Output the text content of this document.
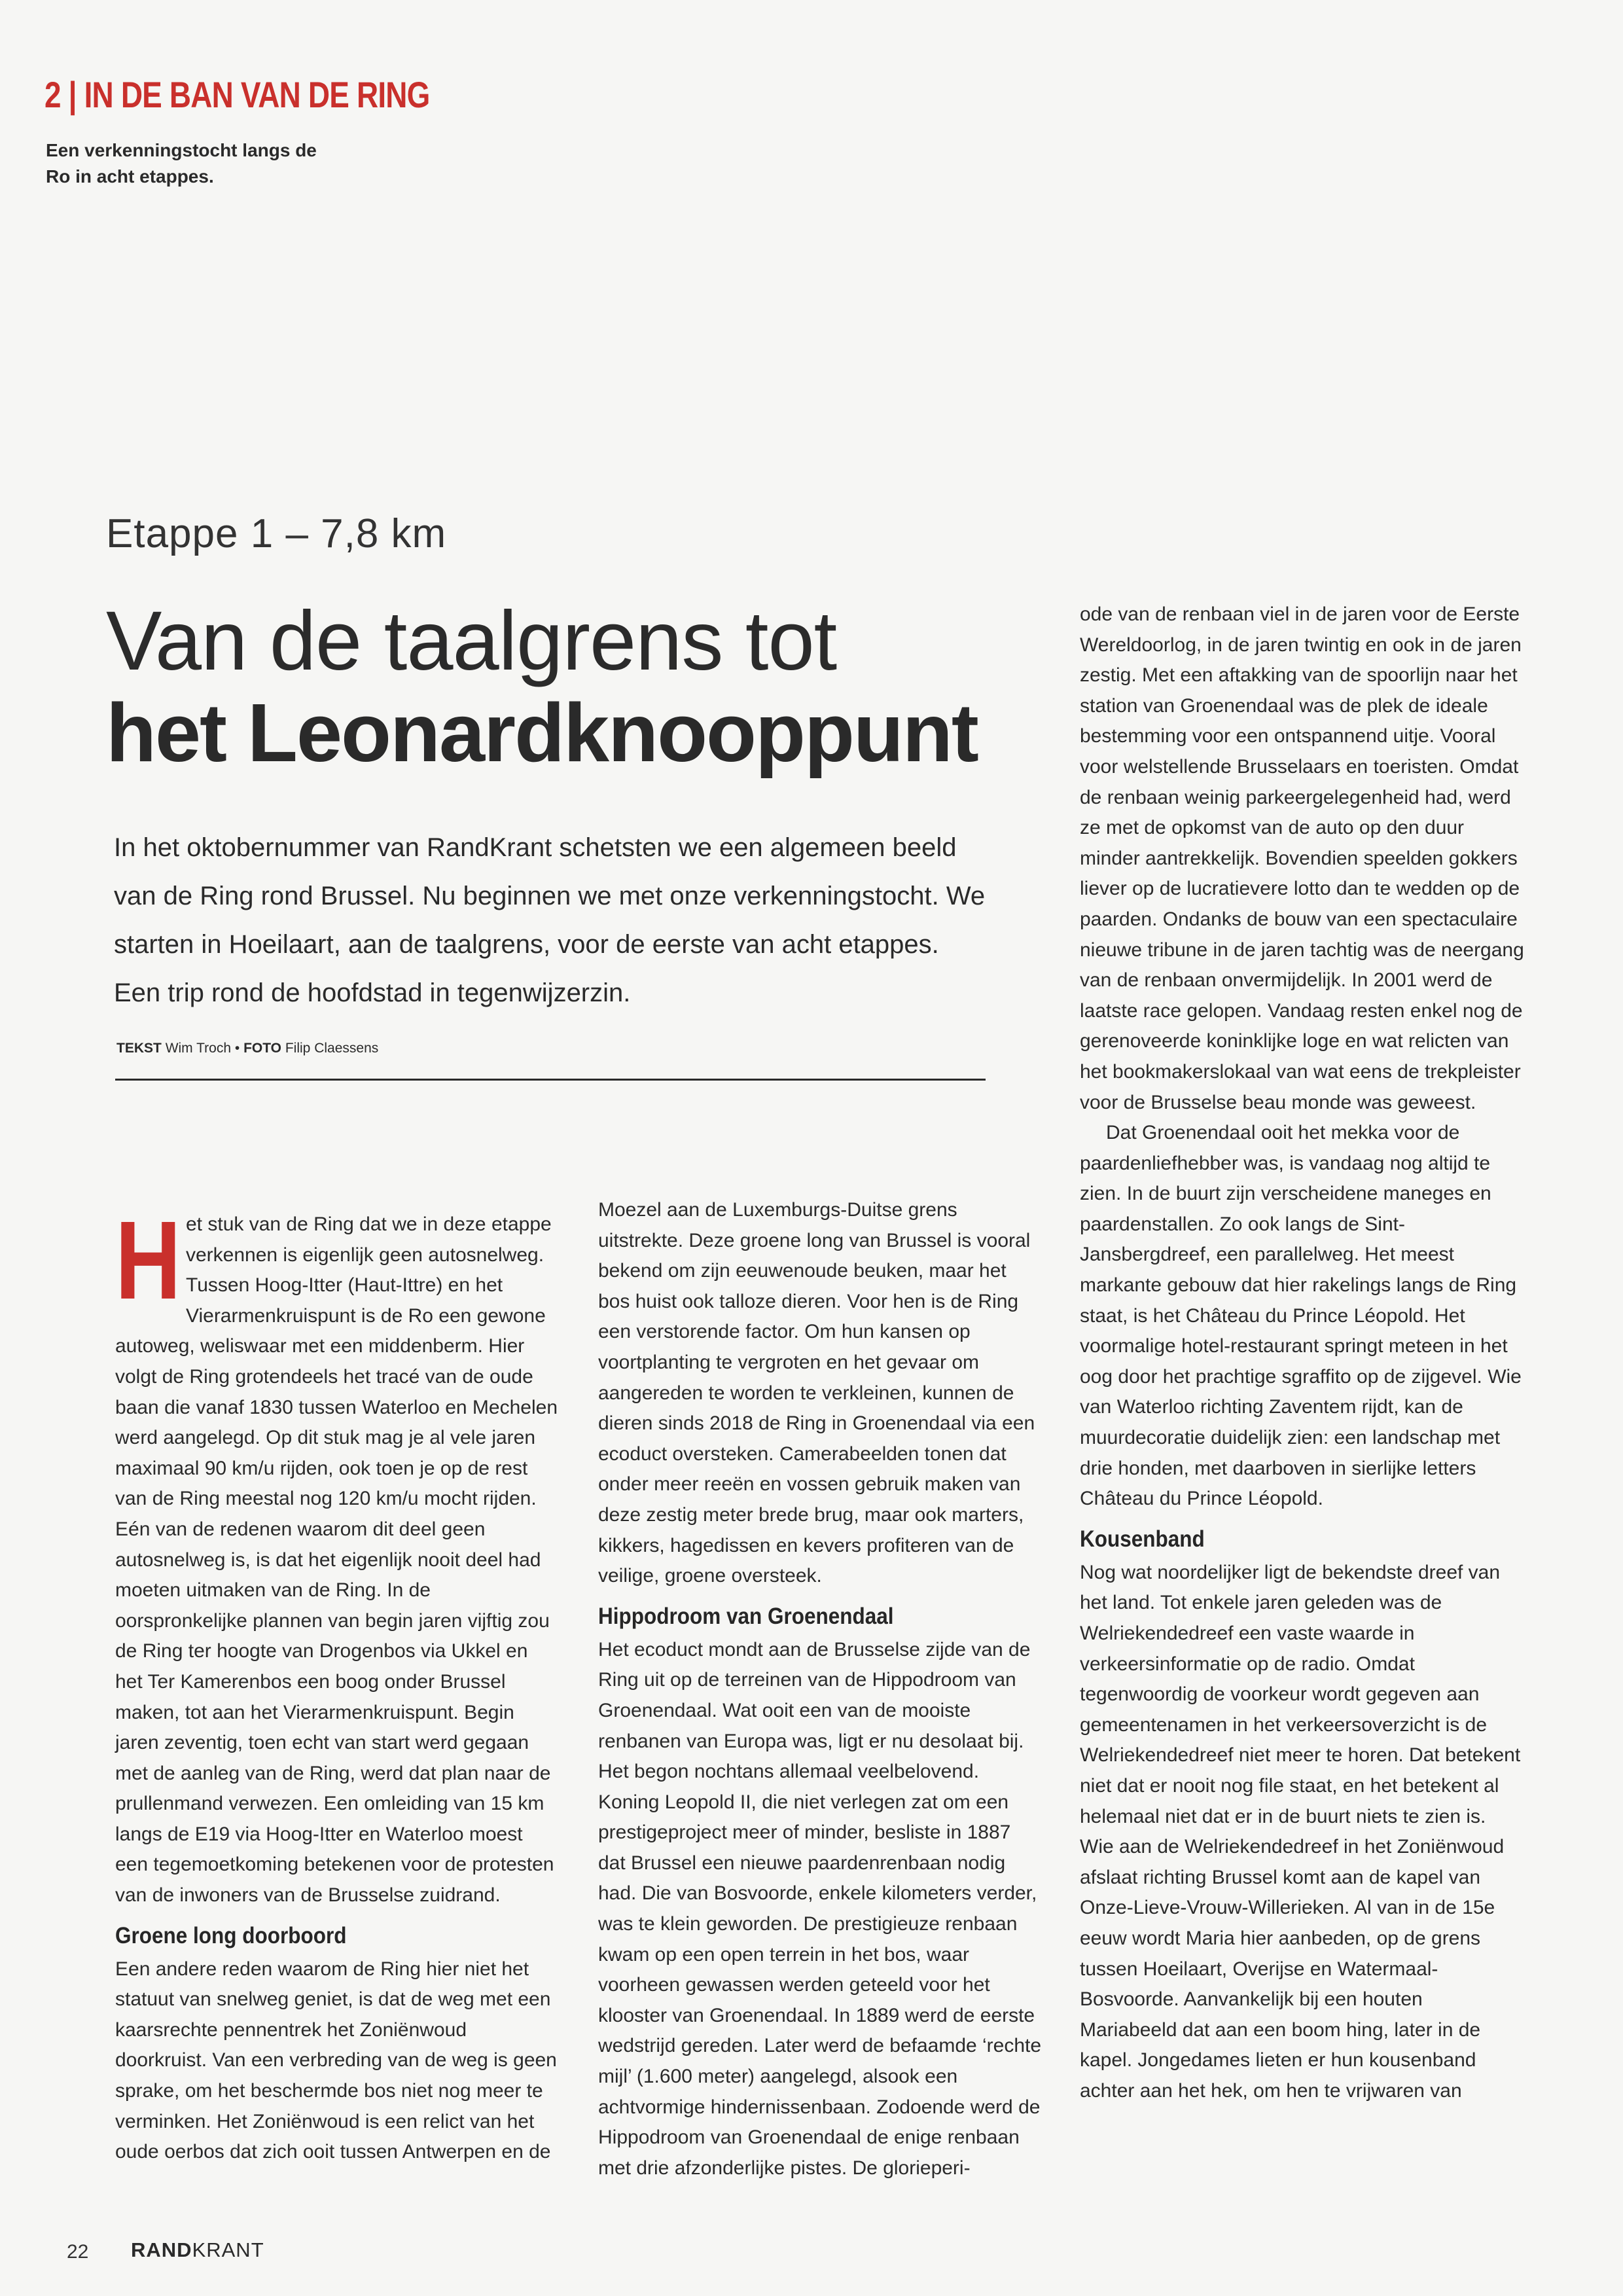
2 | IN DE BAN VAN DE RING
Een verkenningstocht langs de Ro in acht etappes.
Etappe 1 – 7,8 km
Van de taalgrens tot
het Leonardknooppunt
In het oktobernummer van RandKrant schetsten we een algemeen beeld van de Ring rond Brussel. Nu beginnen we met onze verkenningstocht. We starten in Hoeilaart, aan de taalgrens, voor de eerste van acht etappes. Een trip rond de hoofdstad in tegenwijzerzin.
TEKST Wim Troch • FOTO Filip Claessens

H et stuk van de Ring dat we in deze etappe verkennen is eigenlijk geen autosnelweg. Tussen Hoog-Itter (Haut-Ittre) en het Vierarmenkruispunt is de Ro een gewone autoweg, weliswaar met een middenberm. Hier volgt de Ring grotendeels het tracé van de oude baan die vanaf 1830 tussen Waterloo en Mechelen werd aangelegd. Op dit stuk mag je al vele jaren maximaal 90 km/u rijden, ook toen je op de rest van de Ring meestal nog 120 km/u mocht rijden. Eén van de redenen waarom dit deel geen autosnelweg is, is dat het eigenlijk nooit deel had moeten uitmaken van de Ring. In de oorspronkelijke plannen van begin jaren vijftig zou de Ring ter hoogte van Drogenbos via Ukkel en het Ter Kamerenbos een boog onder Brussel maken, tot aan het Vierarmenkruispunt. Begin jaren zeventig, toen echt van start werd gegaan met de aanleg van de Ring, werd dat plan naar de prullenmand verwezen. Een omleiding van 15 km langs de E19 via Hoog-Itter en Waterloo moest een tegemoetkoming betekenen voor de protesten van de inwoners van de Brusselse zuidrand.

Groene long doorboord

Een andere reden waarom de Ring hier niet het statuut van snelweg geniet, is dat de weg met een kaarsrechte pennentrek het Zoniënwoud doorkruist. Van een verbreding van de weg is geen sprake, om het beschermde bos niet nog meer te verminken. Het Zoniënwoud is een relict van het oude oerbos dat zich ooit tussen Antwerpen en de

Moezel aan de Luxemburgs-Duitse grens uitstrekte. Deze groene long van Brussel is vooral bekend om zijn eeuwenoude beuken, maar het bos huist ook talloze dieren. Voor hen is de Ring een verstorende factor. Om hun kansen op voortplanting te vergroten en het gevaar om aangereden te worden te verkleinen, kunnen de dieren sinds 2018 de Ring in Groenendaal via een ecoduct oversteken. Camerabeelden tonen dat onder meer reeën en vossen gebruik maken van deze zestig meter brede brug, maar ook marters, kikkers, hagedissen en kevers profiteren van de veilige, groene oversteek.

Hippodroom van Groenendaal

Het ecoduct mondt aan de Brusselse zijde van de Ring uit op de terreinen van de Hippodroom van Groenendaal. Wat ooit een van de mooiste renbanen van Europa was, ligt er nu desolaat bij. Het begon nochtans allemaal veelbelovend. Koning Leopold II, die niet verlegen zat om een prestigeproject meer of minder, besliste in 1887 dat Brussel een nieuwe paardenrenbaan nodig had. Die van Bosvoorde, enkele kilometers verder, was te klein geworden. De prestigieuze renbaan kwam op een open terrein in het bos, waar voorheen gewassen werden geteeld voor het klooster van Groenendaal. In 1889 werd de eerste wedstrijd gereden. Later werd de befaamde ‘rechte mijl’ (1.600 meter) aangelegd, alsook een achtvormige hindernissenbaan. Zodoende werd de Hippodroom van Groenendaal de enige renbaan met drie afzonderlijke pistes. De glorieperi-

ode van de renbaan viel in de jaren voor de Eerste Wereldoorlog, in de jaren twintig en ook in de jaren zestig. Met een aftakking van de spoorlijn naar het station van Groenendaal was de plek de ideale bestemming voor een ontspannend uitje. Vooral voor welstellende Brusselaars en toeristen. Omdat de renbaan weinig parkeergelegenheid had, werd ze met de opkomst van de auto op den duur minder aantrekkelijk. Bovendien speelden gokkers liever op de lucratievere lotto dan te wedden op de paarden. Ondanks de bouw van een spectaculaire nieuwe tribune in de jaren tachtig was de neergang van de renbaan onvermijdelijk. In 2001 werd de laatste race gelopen. Vandaag resten enkel nog de gerenoveerde koninklijke loge en wat relicten van het bookmakerslokaal van wat eens de trekpleister voor de Brusselse beau monde was geweest.

Dat Groenendaal ooit het mekka voor de paardenliefhebber was, is vandaag nog altijd te zien. In de buurt zijn verscheidene maneges en paardenstallen. Zo ook langs de Sint-Jansbergdreef, een parallelweg. Het meest markante gebouw dat hier rakelings langs de Ring staat, is het Château du Prince Léopold. Het voormalige hotel-restaurant springt meteen in het oog door het prachtige sgraffito op de zijgevel. Wie van Waterloo richting Zaventem rijdt, kan de muurdecoratie duidelijk zien: een landschap met drie honden, met daarboven in sierlijke letters Château du Prince Léopold.

Kousenband

Nog wat noordelijker ligt de bekendste dreef van het land. Tot enkele jaren geleden was de Welriekendedreef een vaste waarde in verkeersinformatie op de radio. Omdat tegenwoordig de voorkeur wordt gegeven aan gemeentenamen in het verkeersoverzicht is de Welriekendedreef niet meer te horen. Dat betekent niet dat er nooit nog file staat, en het betekent al helemaal niet dat er in de buurt niets te zien is. Wie aan de Welriekendedreef in het Zoniënwoud afslaat richting Brussel komt aan de kapel van Onze-Lieve-Vrouw-Willerieken. Al van in de 15e eeuw wordt Maria hier aanbeden, op de grens tussen Hoeilaart, Overijse en Watermaal-Bosvoorde. Aanvankelijk bij een houten Mariabeeld dat aan een boom hing, later in de kapel. Jongedames lieten er hun kousenband achter aan het hek, om hen te vrijwaren van

22 RANDKRANT
